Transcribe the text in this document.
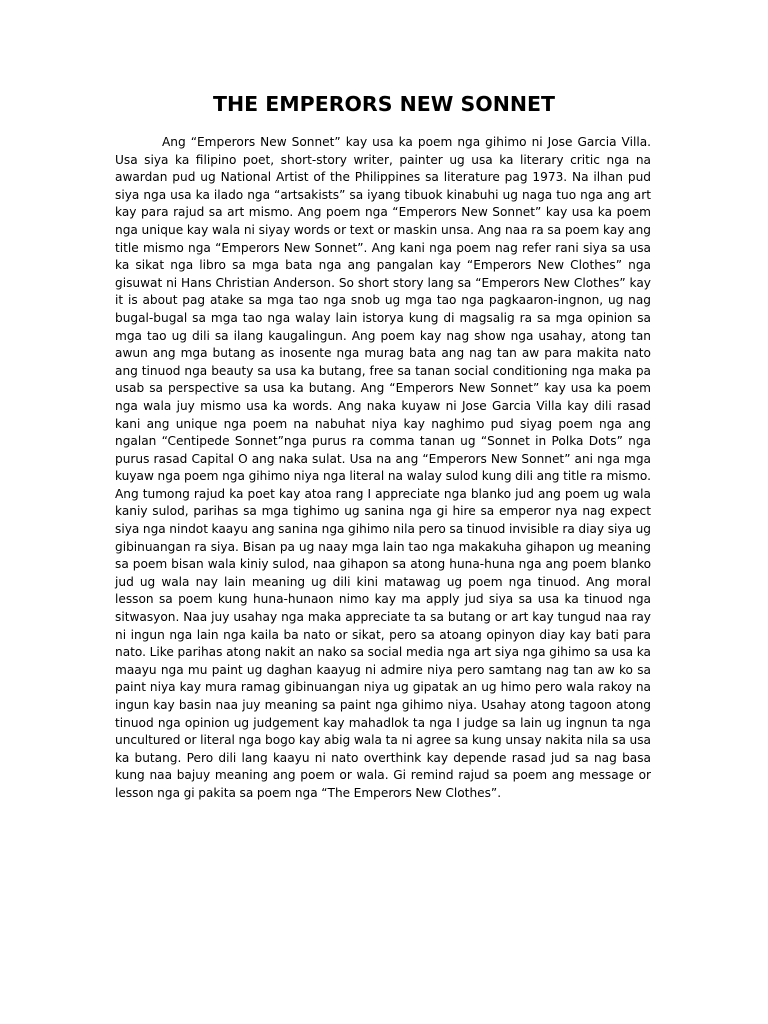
THE EMPERORS NEW SONNET

Ang “Emperors New Sonnet” kay usa ka poem nga gihimo ni Jose Garcia Villa. Usa siya ka filipino poet, short-story writer, painter ug usa ka literary critic nga na awardan pud ug National Artist of the Philippines sa literature pag 1973. Na ilhan pud siya nga usa ka ilado nga “artsakists” sa iyang tibuok kinabuhi ug naga tuo nga ang art kay para rajud sa art mismo. Ang poem nga “Emperors New Sonnet” kay usa ka poem nga unique kay wala ni siyay words or text or maskin unsa. Ang naa ra sa poem kay ang title mismo nga “Emperors New Sonnet”. Ang kani nga poem nag refer rani siya sa usa ka sikat nga libro sa mga bata nga ang pangalan kay “Emperors New Clothes” nga gisuwat ni Hans Christian Anderson. So short story lang sa “Emperors New Clothes” kay it is about pag atake sa mga tao nga snob ug mga tao nga pagkaaron-ingnon, ug nag bugal-bugal sa mga tao nga walay lain istorya kung di magsalig ra sa mga opinion sa mga tao ug dili sa ilang kaugalingun. Ang poem kay nag show nga usahay, atong tan awun ang mga butang as inosente nga murag bata ang nag tan aw para makita nato ang tinuod nga beauty sa usa ka butang, free sa tanan social conditioning nga maka pa usab sa perspective sa usa ka butang. Ang “Emperors New Sonnet” kay usa ka poem nga wala juy mismo usa ka words. Ang naka kuyaw ni Jose Garcia Villa kay dili rasad kani ang unique nga poem na nabuhat niya kay naghimo pud siyag poem nga ang ngalan “Centipede Sonnet”nga purus ra comma tanan ug “Sonnet in Polka Dots” nga purus rasad Capital O ang naka sulat. Usa na ang “Emperors New Sonnet” ani nga mga kuyaw nga poem nga gihimo niya nga literal na walay sulod kung dili ang title ra mismo. Ang tumong rajud ka poet kay atoa rang I appreciate nga blanko jud ang poem ug wala kaniy sulod, parihas sa mga tighimo ug sanina nga gi hire sa emperor nya nag expect siya nga nindot kaayu ang sanina nga gihimo nila pero sa tinuod invisible ra diay siya ug gibinuangan ra siya. Bisan pa ug naay mga lain tao nga makakuha gihapon ug meaning sa poem bisan wala kiniy sulod, naa gihapon sa atong huna-huna nga ang poem blanko jud ug wala nay lain meaning ug dili kini matawag ug poem nga tinuod. Ang moral lesson sa poem kung huna-hunaon nimo kay ma apply jud siya sa usa ka tinuod nga sitwasyon. Naa juy usahay nga maka appreciate ta sa butang or art kay tungud naa ray ni ingun nga lain nga kaila ba nato or sikat, pero sa atoang opinyon diay kay bati para nato. Like parihas atong nakit an nako sa social media nga art siya nga gihimo sa usa ka maayu nga mu paint ug daghan kaayug ni admire niya pero samtang nag tan aw ko sa paint niya kay mura ramag gibinuangan niya ug gipatak an ug himo pero wala rakoy na ingun kay basin naa juy meaning sa paint nga gihimo niya. Usahay atong tagoon atong tinuod nga opinion ug judgement kay mahadlok ta nga I judge sa lain ug ingnun ta nga uncultured or literal nga bogo kay abig wala ta ni agree sa kung unsay nakita nila sa usa ka butang. Pero dili lang kaayu ni nato overthink kay depende rasad jud sa nag basa kung naa bajuy meaning ang poem or wala. Gi remind rajud sa poem ang message or lesson nga gi pakita sa poem nga “The Emperors New Clothes”.
